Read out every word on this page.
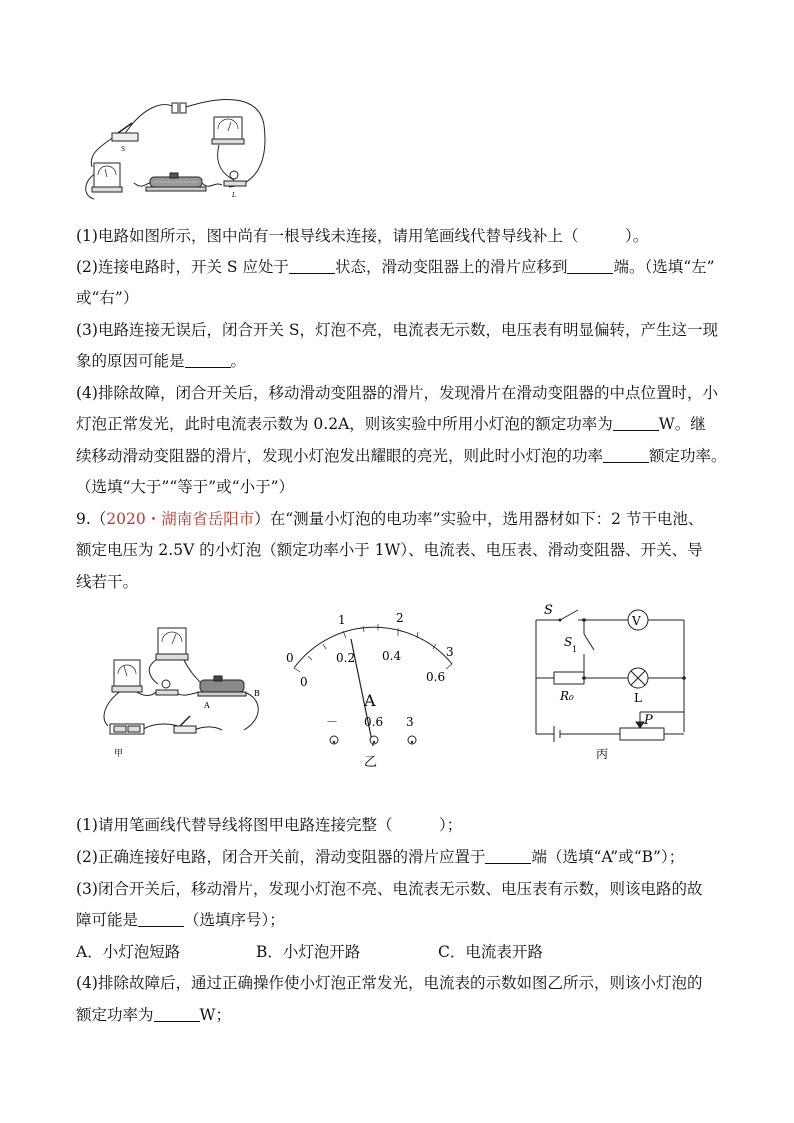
S
L
(1)电路如图所示，图中尚有一根导线未连接，请用笔画线代替导线补上（　　　）。
(2)连接电路时，开关 S 应处于	状态，滑动变阻器上的滑片应移到	端。（选填“左”
或“右”）
(3)电路连接无误后，闭合开关 S，灯泡不亮，电流表无示数，电压表有明显偏转，产生这一现
象的原因可能是	。
(4)排除故障，闭合开关后，移动滑动变阻器的滑片，发现滑片在滑动变阻器的中点位置时，小
灯泡正常发光，此时电流表示数为 0.2A，则该实验中所用小灯泡的额定功率为	W。继
续移动滑动变阻器的滑片，发现小灯泡发出耀眼的亮光，则此时小灯泡的功率	额定功率。
（选填“大于”“等于”或“小于”）
9.（2020・湖南省岳阳市）在“测量小灯泡的电功率”实验中，选用器材如下：2 节干电池、
额定电压为 2.5V 的小灯泡（额定功率小于 1W）、电流表、电压表、滑动变阻器、开关、导
线若干。
A
B
甲
0
1	2
3
0
0.2 0.4
0.6
A
－ 0.6 3
乙
V
S
S
1
R₀	L
P
丙
(1)请用笔画线代替导线将图甲电路连接完整（　　　）；
(2)正确连接好电路，闭合开关前，滑动变阻器的滑片应置于	端（选填“A”或“B”）；
(3)闭合开关后，移动滑片，发现小灯泡不亮、电流表无示数、电压表有示数，则该电路的故
障可能是	（选填序号）；
A．小灯泡短路	B．小灯泡开路	C．电流表开路
(4)排除故障后，通过正确操作使小灯泡正常发光，电流表的示数如图乙所示，则该小灯泡的
额定功率为	W；
